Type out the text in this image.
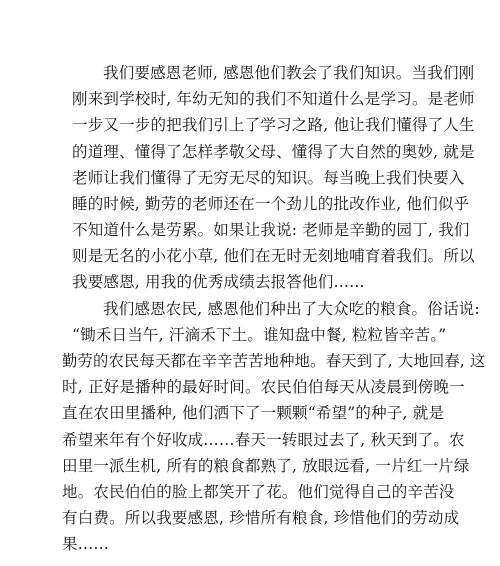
我们要感恩老师, 感恩他们教会了我们知识。当我们刚
刚来到学校时, 年幼无知的我们不知道什么是学习。是老师
一步又一步的把我们引上了学习之路, 他让我们懂得了人生
的道理、懂得了怎样孝敬父母、懂得了大自然的奥妙, 就是
老师让我们懂得了无穷无尽的知识。每当晚上我们快要入
睡的时候, 勤劳的老师还在一个劲儿的批改作业, 他们似乎
不知道什么是劳累。如果让我说: 老师是辛勤的园丁, 我们
则是无名的小花小草, 他们在无时无刻地哺育着我们。所以
我要感恩, 用我的优秀成绩去报答他们……
我们感恩农民, 感恩他们种出了大众吃的粮食。俗话说:
“锄禾日当午, 汗滴禾下土。谁知盘中餐, 粒粒皆辛苦。”
勤劳的农民每天都在辛辛苦苦地种地。春天到了, 大地回春, 这
时, 正好是播种的最好时间。农民伯伯每天从凌晨到傍晚一
直在农田里播种, 他们洒下了一颗颗“希望”的种子, 就是
希望来年有个好收成……春天一转眼过去了, 秋天到了。农
田里一派生机, 所有的粮食都熟了, 放眼远看, 一片红一片绿
地。农民伯伯的脸上都笑开了花。他们觉得自己的辛苦没
有白费。所以我要感恩, 珍惜所有粮食, 珍惜他们的劳动成
果……
